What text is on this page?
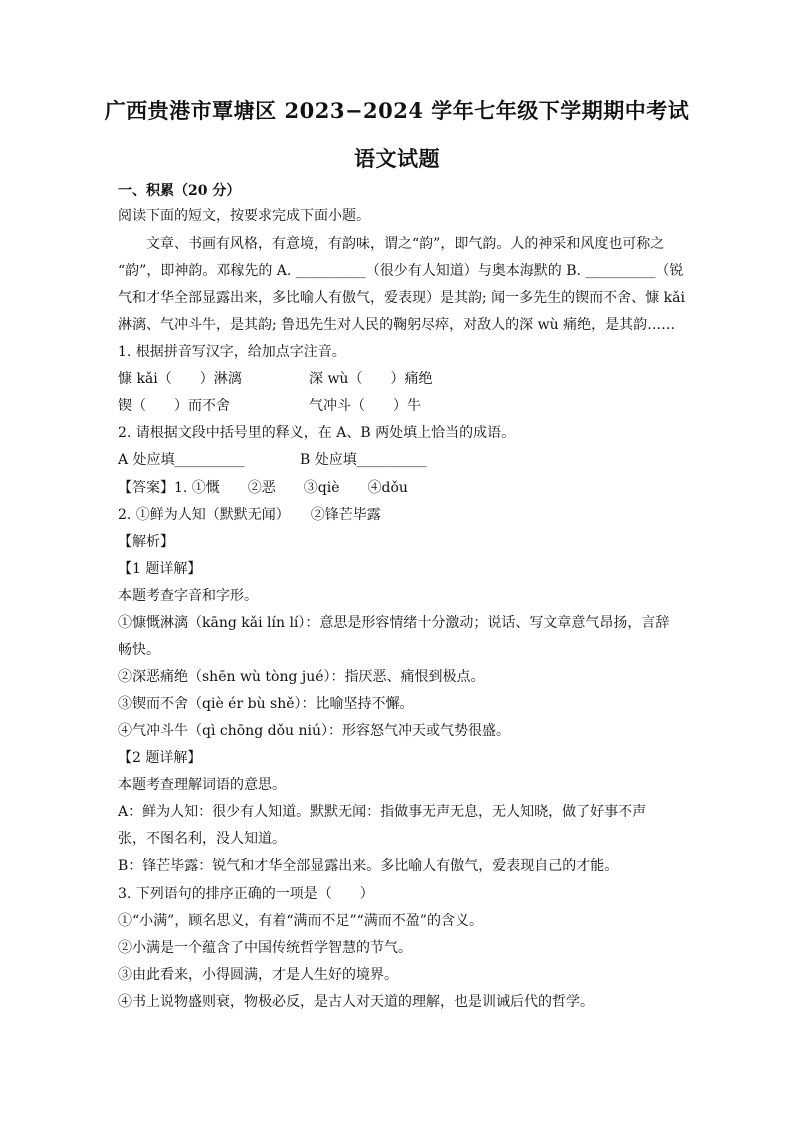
广西贵港市覃塘区 2023−2024 学年七年级下学期期中考试
语文试题
一、积累（20 分）
阅读下面的短文，按要求完成下面小题。
文章、书画有风格，有意境，有韵味，谓之“韵”，即气韵。人的神采和风度也可称之
“韵”，即神韵。邓稼先的 A. __________（很少有人知道）与奥本海默的 B. __________（锐
气和才华全部显露出来，多比喻人有傲气，爱表现）是其韵; 闻一多先生的锲而不舍、慷 kǎi
淋漓、气冲斗牛，是其韵; 鲁迅先生对人民的鞠躬尽瘁，对敌人的深 wù 痛绝，是其韵……
1. 根据拼音写汉字，给加点字注音。
慷 kǎi（　　）淋漓	深 wù（　　）痛绝
锲（　　）而不舍	气冲斗（　　）牛
2. 请根据文段中括号里的释义，在 A、B 两处填上恰当的成语。
A 处应填__________	B 处应填__________
【答案】1. ①慨　　②恶　　③qiè　　④dǒu
2. ①鲜为人知（默默无闻）　　②锋芒毕露
【解析】
【1 题详解】
本题考查字音和字形。
①慷慨淋漓（kāng kǎi lín lí）：意思是形容情绪十分激动；说话、写文章意气昂扬，言辞
畅快。
②深恶痛绝（shēn wù tòng jué）：指厌恶、痛恨到极点。
③锲而不舍（qiè ér bù shě）：比喻坚持不懈。
④气冲斗牛（qì chōng dǒu niú）：形容怒气冲天或气势很盛。
【2 题详解】
本题考查理解词语的意思。
A：鲜为人知：很少有人知道。默默无闻：指做事无声无息，无人知晓，做了好事不声
张，不图名利，没人知道。
B：锋芒毕露：锐气和才华全部显露出来。多比喻人有傲气，爱表现自己的才能。
3. 下列语句的排序正确的一项是（　　）
①“小满”，顾名思义，有着“满而不足”“满而不盈”的含义。
②小满是一个蕴含了中国传统哲学智慧的节气。
③由此看来，小得圆满，才是人生好的境界。
④书上说物盛则衰，物极必反，是古人对天道的理解，也是训诫后代的哲学。
